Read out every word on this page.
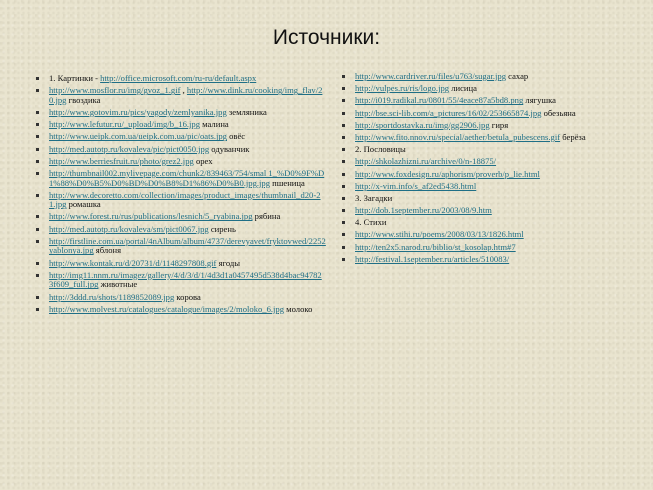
Источники:
1. Картинки - http://office.microsoft.com/ru-ru/default.aspx
http://www.mosflor.ru/img/gvoz_1.gif , http://www.dink.ru/cooking/img_flav/20.jpg гвоздика
http://www.gotovim.ru/pics/yagody/zemlyanika.jpg земляника
http://www.lefutur.ru/_upload/img/b_16.jpg малина
http://www.ueipk.com.ua/ueipk.com.ua/pic/oats.jpg овёс
http://med.autotp.ru/kovaleva/pic/pict0050.jpg одуванчик
http://www.berriesfruit.ru/photo/grez2.jpg орех
http://thumbnail002.mylivepage.com/chunk2/839463/754/smal 1_%D0%9F%D1%88%D0%B5%D0%BD%D0%B8%D1%86%D0%B0.jpg.jpg пшеница
http://www.decoretto.com/collection/images/product_images/thumbnail_d20-21.jpg ромашка
http://www.forest.ru/rus/publications/lesnich/5_ryabina.jpg рябина
http://med.autotp.ru/kovaleva/sm/pict0067.jpg сирень
http://firstline.com.ua/portal/4nAlbum/album/4737/derevyavet/fryktovwed/2252yablonya.jpg яблоня
http://www.kontak.ru/d/20731/d/1148297808.gif ягоды
http://img11.nnm.ru/imagez/gallery/4/d/3/d/1/4d3d1a0457495d538d4bac947823f609_full.jpg животные
http://3ddd.ru/shots/1189852089.jpg корова
http://www.molvest.ru/catalogues/catalogue/images/2/moloko_6.jpg молоко
http://www.cardriver.ru/files/u763/sugar.jpg сахар
http://vulpes.ru/ris/logo.jpg лисица
http://i019.radikal.ru/0801/55/4eace87a5bd8.png лягушка
http://bse.sci-lib.com/a_pictures/16/02/253665874.jpg обезьяна
http://sportdostavka.ru/img/gg2906.jpg гиря
http://www.fito.nnov.ru/special/aether/betula_pubescens.gif берёза
2. Пословицы
http://shkolazhizni.ru/archive/0/n-18875/
http://www.foxdesign.ru/aphorism/proverb/p_lie.html
http://x-vim.info/s_af2ed5438.html
3. Загадки
http://dob.1september.ru/2003/08/9.htm
4. Стихи
http://www.stihi.ru/poems/2008/03/13/1826.html
http://ten2x5.narod.ru/biblio/st_kosolap.htm#7
http://festival.1september.ru/articles/510083/
